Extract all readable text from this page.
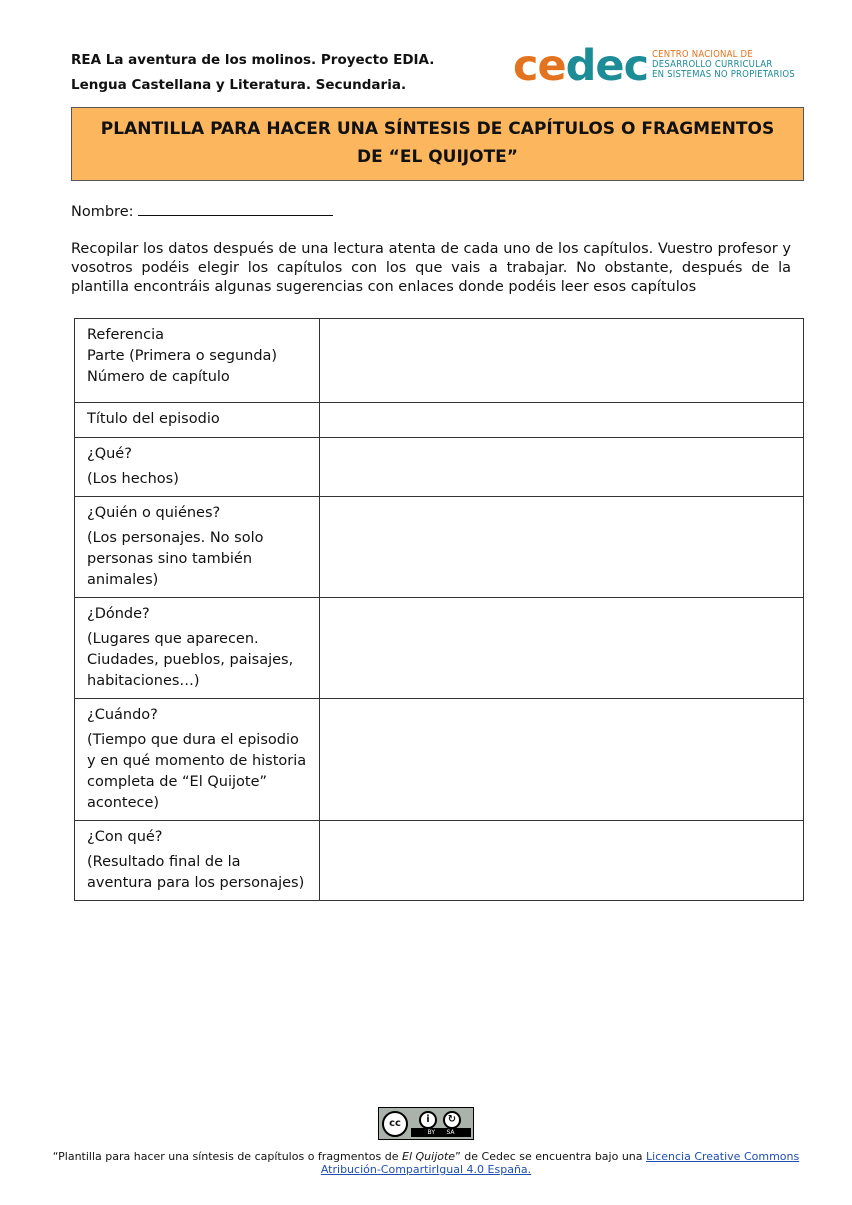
REA La aventura de los molinos. Proyecto EDIA.
Lengua Castellana y Literatura. Secundaria.	cedec CENTRO NACIONAL DE
DESARROLLO CURRICULAR
EN SISTEMAS NO PROPIETARIOS
PLANTILLA PARA HACER UNA SÍNTESIS DE CAPÍTULOS O FRAGMENTOS
DE “EL QUIJOTE”
Nombre:
Recopilar los datos después de una lectura atenta de cada uno de los capítulos. Vuestro profesor y vosotros podéis elegir los capítulos con los que vais a trabajar. No obstante, después de la plantilla encontráis algunas sugerencias con enlaces donde podéis leer esos capítulos
Referencia
Parte (Primera o segunda)
Número de capítulo	

Título del episodio	

¿Qué?
(Los hechos)	

¿Quién o quiénes?
(Los personajes. No solo personas sino también animales)	

¿Dónde?
(Lugares que aparecen. Ciudades, pueblos, paisajes, habitaciones…)	

¿Cuándo?
(Tiempo que dura el episodio y en qué momento de historia completa de “El Quijote” acontece)	

¿Con qué?
(Resultado final de la aventura para los personajes)	

cc	i	↻
BY SA

“Plantilla para hacer una síntesis de capítulos o fragmentos de El Quijote” de Cedec se encuentra bajo una Licencia Creative Commons Atribución-CompartirIgual 4.0 España.
